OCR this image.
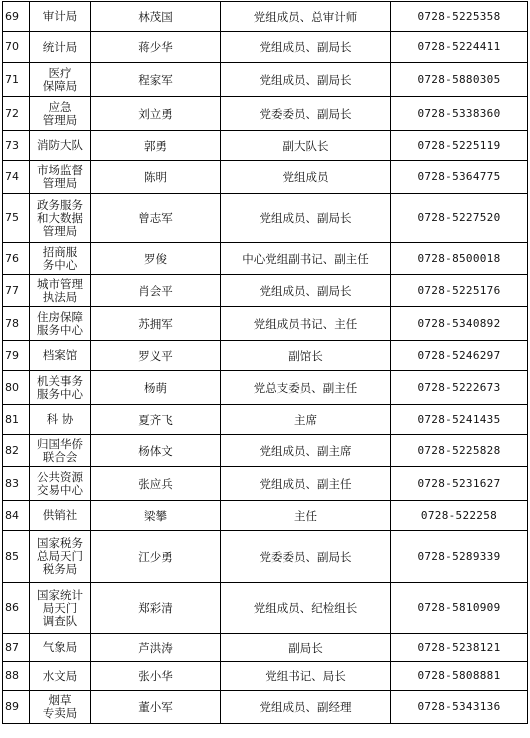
69	审计局	林茂国	党组成员、总审计师	0728-5225358
70	统计局	蒋少华	党组成员、副局长	0728-5224411
71	医疗
保障局	程家军	党组成员、副局长	0728-5880305
72	应急
管理局	刘立勇	党委委员、副局长	0728-5338360
73	消防大队	郭勇	副大队长	0728-5225119
74	市场监督
管理局	陈明	党组成员	0728-5364775
75	政务服务
和大数据
管理局	曾志军	党组成员、副局长	0728-5227520
76	招商服
务中心	罗俊	中心党组副书记、副主任	0728-8500018
77	城市管理
执法局	肖会平	党组成员、副局长	0728-5225176
78	住房保障
服务中心	苏拥军	党组成员书记、主任	0728-5340892
79	档案馆	罗义平	副馆长	0728-5246297
80	机关事务
服务中心	杨萌	党总支委员、副主任	0728-5222673
81	科 协	夏齐飞	主席	0728-5241435
82	归国华侨
联合会	杨体文	党组成员、副主席	0728-5225828
83	公共资源
交易中心	张应兵	党组成员、副主任	0728-5231627
84	供销社	梁攀	主任	0728-522258
85	国家税务
总局天门
税务局	江少勇	党委委员、副局长	0728-5289339
86	国家统计
局天门
调查队	郑彩清	党组成员、纪检组长	0728-5810909
87	气象局	芦洪涛	副局长	0728-5238121
88	水文局	张小华	党组书记、局长	0728-5808881
89	烟草
专卖局	董小军	党组成员、副经理	0728-5343136
